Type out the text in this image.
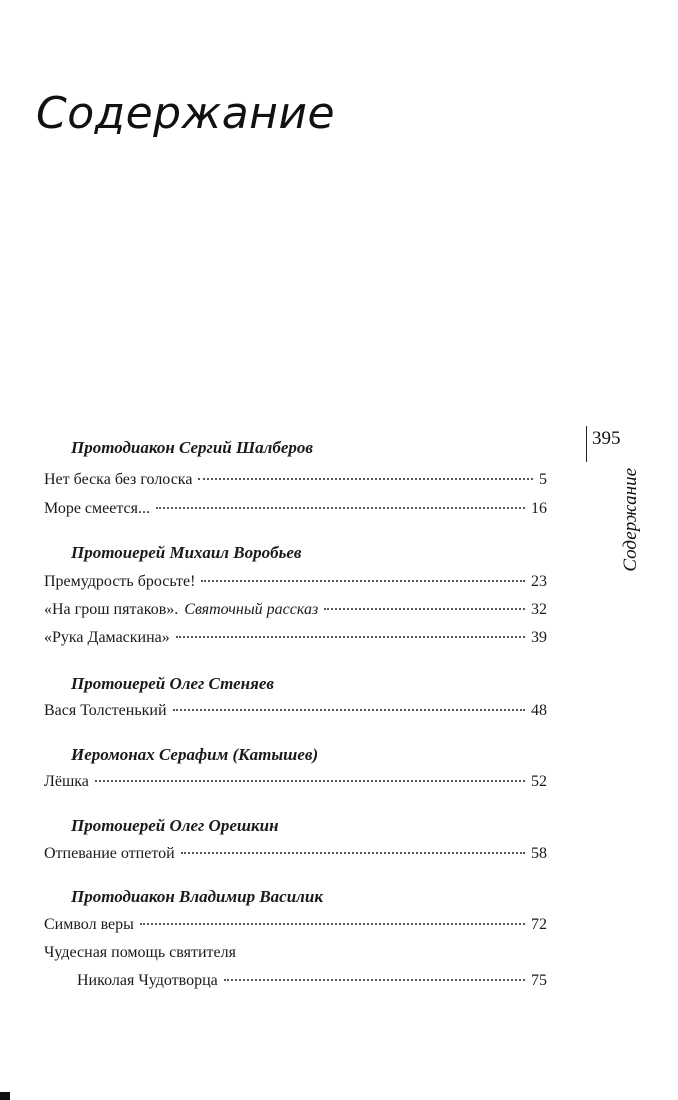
Содержание
395
Содержание
Протодиакон Сергий Шалберов
Нет беска без голоска	5
Море смеется...	16
Протоиерей Михаил Воробьев
Премудрость бросьте!	23
«На грош пятаков». Святочный рассказ	32
«Рука Дамаскина»	39
Протоиерей Олег Стеняев
Вася Толстенький	48
Иеромонах Серафим (Катышев)
Лёшка	52
Протоиерей Олег Орешкин
Отпевание отпетой	58
Протодиакон Владимир Василик
Символ веры	72
Чудесная помощь святителя
Николая Чудотворца	75
